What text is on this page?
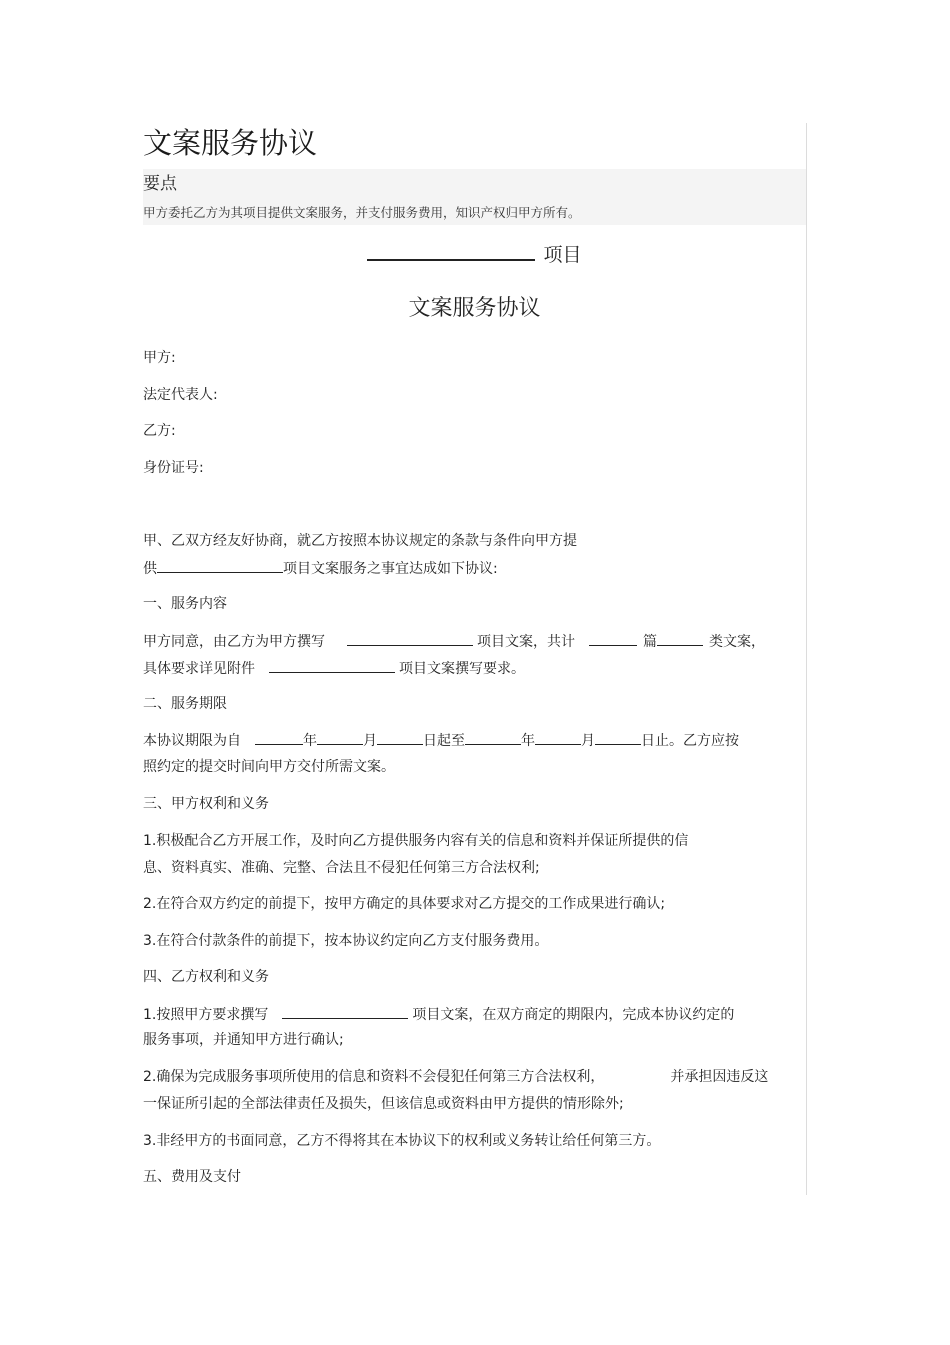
文案服务协议
要点
甲方委托乙方为其项目提供文案服务，并支付服务费用，知识产权归甲方所有。
项目
文案服务协议
甲方:
法定代表人:
乙方:
身份证号:
甲、乙双方经友好协商，就乙方按照本协议规定的条款与条件向甲方提
供	项目文案服务之事宜达成如下协议:
一、服务内容
甲方同意，由乙方为甲方撰写	项目文案，共计	篇	类文案，
具体要求详见附件	项目文案撰写要求。
二、服务期限
本协议期限为自	年	月	日起至	年	月	日止。乙方应按
照约定的提交时间向甲方交付所需文案。
三、甲方权利和义务
1.积极配合乙方开展工作，及时向乙方提供服务内容有关的信息和资料并保证所提供的信
息、资料真实、准确、完整、合法且不侵犯任何第三方合法权利;
2.在符合双方约定的前提下，按甲方确定的具体要求对乙方提交的工作成果进行确认;
3.在符合付款条件的前提下，按本协议约定向乙方支付服务费用。
四、乙方权利和义务
1.按照甲方要求撰写	项目文案，在双方商定的期限内，完成本协议约定的
服务事项，并通知甲方进行确认;
2.确保为完成服务事项所使用的信息和资料不会侵犯任何第三方合法权利，	并承担因违反这
一保证所引起的全部法律责任及损失，但该信息或资料由甲方提供的情形除外;
3.非经甲方的书面同意，乙方不得将其在本协议下的权利或义务转让给任何第三方。
五、费用及支付
